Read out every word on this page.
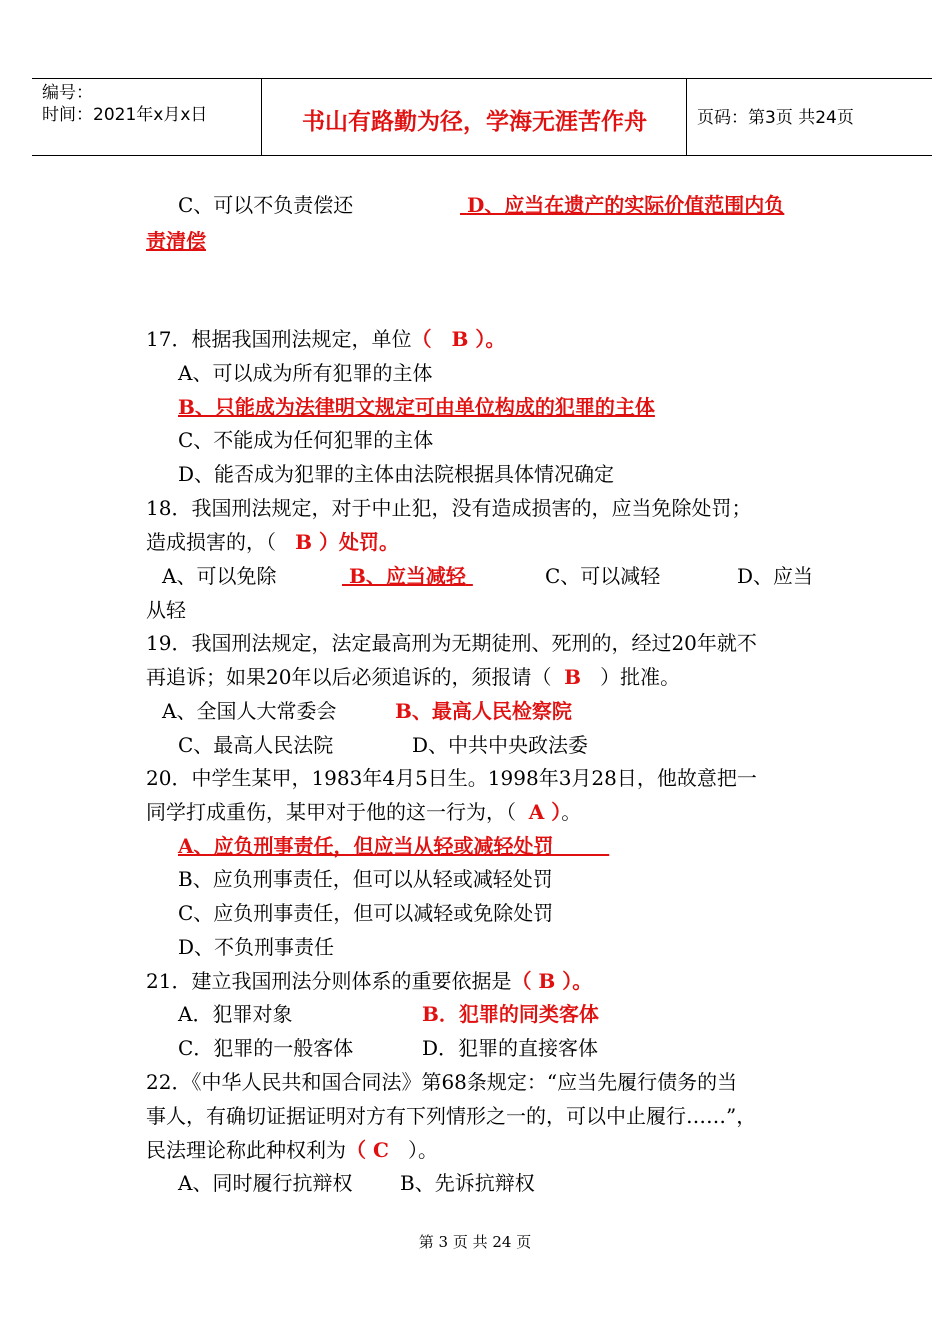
编号：
时间：2021年x月x日	书山有路勤为径，学海无涯苦作舟	页码：第3页 共24页
C、可以不负责偿还	D、应当在遗产的实际价值范围内负
责清偿
17．根据我国刑法规定，单位（　B ）。
A、可以成为所有犯罪的主体
B、只能成为法律明文规定可由单位构成的犯罪的主体
C、不能成为任何犯罪的主体
D、能否成为犯罪的主体由法院根据具体情况确定
18．我国刑法规定，对于中止犯，没有造成损害的，应当免除处罚；
造成损害的，（ B ）处罚。
A、可以免除	B、应当减轻	C、可以减轻	D、应当
从轻
19．我国刑法规定，法定最高刑为无期徒刑、死刑的，经过20年就不
再追诉；如果20年以后必须追诉的，须报请（ B ）批准。
A、全国人大常委会	B、最高人民检察院
C、最高人民法院	D、中共中央政法委
20．中学生某甲，1983年4月5日生。1998年3月28日，他故意把一
同学打成重伤，某甲对于他的这一行为，（ A ）。
A、应负刑事责任，但应当从轻或减轻处罚
B、应负刑事责任，但可以从轻或减轻处罚
C、应负刑事责任，但可以减轻或免除处罚
D、不负刑事责任
21．建立我国刑法分则体系的重要依据是（ B ）。
A．犯罪对象	B．犯罪的同类客体
C．犯罪的一般客体	D．犯罪的直接客体
22．《中华人民共和国合同法》第68条规定：“应当先履行债务的当
事人，有确切证据证明对方有下列情形之一的，可以中止履行……”，
民法理论称此种权利为（ C ）。
A、同时履行抗辩权 B、先诉抗辩权
第 3 页 共 24 页
